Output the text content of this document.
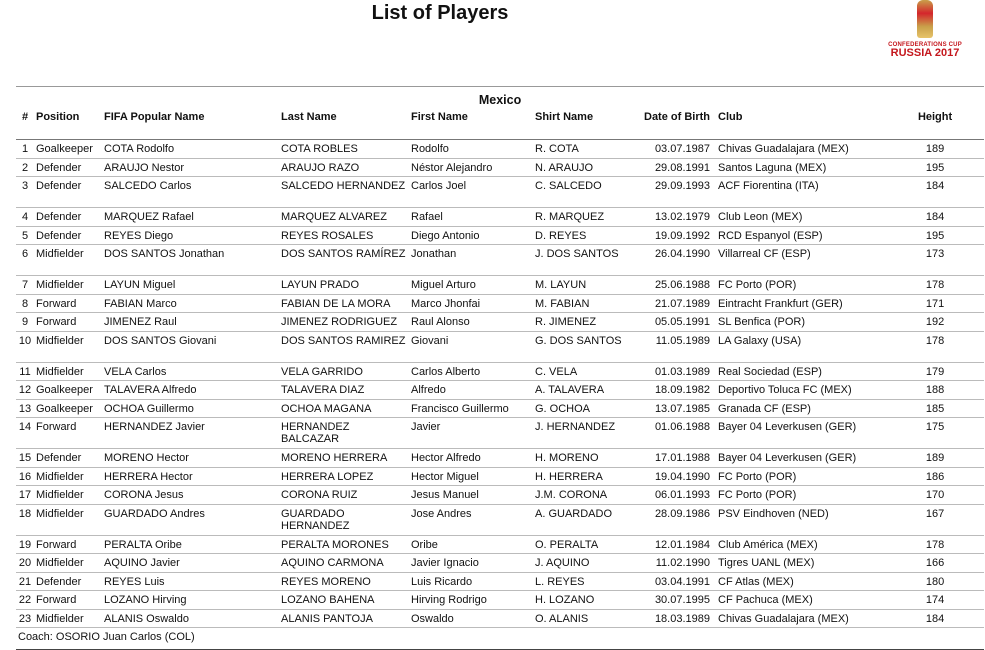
List of Players
CONFEDERATIONS CUP
RUSSIA 2017
Mexico								
#	Position	FIFA Popular Name	Last Name	First Name	Shirt Name	Date of Birth	Club	Height
1	Goalkeeper	COTA Rodolfo	COTA ROBLES	Rodolfo	R. COTA	03.07.1987	Chivas Guadalajara (MEX)	189
2	Defender	ARAUJO Nestor	ARAUJO RAZO	Néstor Alejandro	N. ARAUJO	29.08.1991	Santos Laguna (MEX)	195
3	Defender	SALCEDO Carlos	SALCEDO HERNANDEZ	Carlos Joel	C. SALCEDO	29.09.1993	ACF Fiorentina (ITA)	184
4	Defender	MARQUEZ Rafael	MARQUEZ ALVAREZ	Rafael	R. MARQUEZ	13.02.1979	Club Leon (MEX)	184
5	Defender	REYES Diego	REYES ROSALES	Diego Antonio	D. REYES	19.09.1992	RCD Espanyol (ESP)	195
6	Midfielder	DOS SANTOS Jonathan	DOS SANTOS RAMÍREZ	Jonathan	J. DOS SANTOS	26.04.1990	Villarreal CF (ESP)	173
7	Midfielder	LAYUN Miguel	LAYUN PRADO	Miguel Arturo	M. LAYUN	25.06.1988	FC Porto (POR)	178
8	Forward	FABIAN Marco	FABIAN DE LA MORA	Marco Jhonfai	M. FABIAN	21.07.1989	Eintracht Frankfurt (GER)	171
9	Forward	JIMENEZ Raul	JIMENEZ RODRIGUEZ	Raul Alonso	R. JIMENEZ	05.05.1991	SL Benfica (POR)	192
10	Midfielder	DOS SANTOS Giovani	DOS SANTOS RAMIREZ	Giovani	G. DOS SANTOS	11.05.1989	LA Galaxy (USA)	178
11	Midfielder	VELA Carlos	VELA GARRIDO	Carlos Alberto	C. VELA	01.03.1989	Real Sociedad (ESP)	179
12	Goalkeeper	TALAVERA Alfredo	TALAVERA DIAZ	Alfredo	A. TALAVERA	18.09.1982	Deportivo Toluca FC (MEX)	188
13	Goalkeeper	OCHOA Guillermo	OCHOA MAGANA	Francisco Guillermo	G. OCHOA	13.07.1985	Granada CF (ESP)	185
14	Forward	HERNANDEZ Javier	HERNANDEZ BALCAZAR	Javier	J. HERNANDEZ	01.06.1988	Bayer 04 Leverkusen (GER)	175
15	Defender	MORENO Hector	MORENO HERRERA	Hector Alfredo	H. MORENO	17.01.1988	Bayer 04 Leverkusen (GER)	189
16	Midfielder	HERRERA Hector	HERRERA LOPEZ	Hector Miguel	H. HERRERA	19.04.1990	FC Porto (POR)	186
17	Midfielder	CORONA Jesus	CORONA RUIZ	Jesus Manuel	J.M. CORONA	06.01.1993	FC Porto (POR)	170
18	Midfielder	GUARDADO Andres	GUARDADO HERNANDEZ	Jose Andres	A. GUARDADO	28.09.1986	PSV Eindhoven (NED)	167
19	Forward	PERALTA Oribe	PERALTA MORONES	Oribe	O. PERALTA	12.01.1984	Club América (MEX)	178
20	Midfielder	AQUINO Javier	AQUINO CARMONA	Javier Ignacio	J. AQUINO	11.02.1990	Tigres UANL (MEX)	166
21	Defender	REYES Luis	REYES MORENO	Luis Ricardo	L. REYES	03.04.1991	CF Atlas (MEX)	180
22	Forward	LOZANO Hirving	LOZANO BAHENA	Hirving Rodrigo	H. LOZANO	30.07.1995	CF Pachuca (MEX)	174
23	Midfielder	ALANIS Oswaldo	ALANIS PANTOJA	Oswaldo	O. ALANIS	18.03.1989	Chivas Guadalajara (MEX)	184
Coach: OSORIO Juan Carlos (COL)								
